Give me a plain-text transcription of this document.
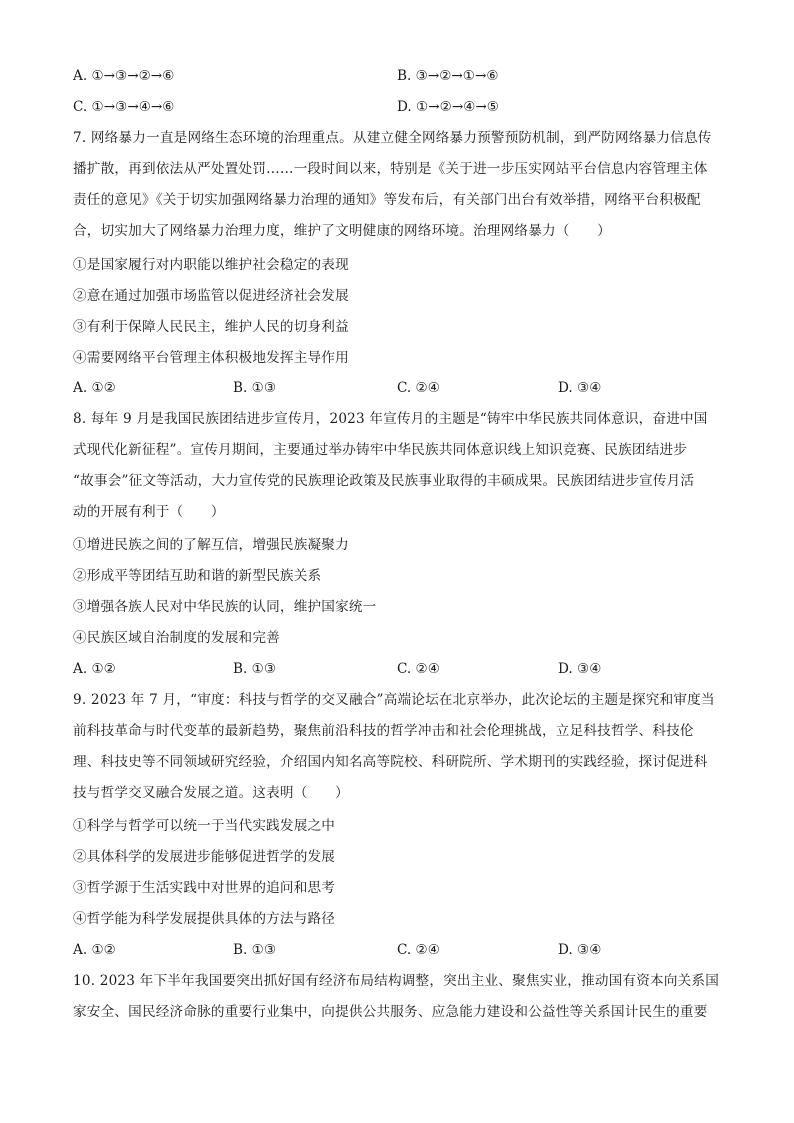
A. ①→③→②→⑥	B. ③→②→①→⑥
C. ①→③→④→⑥	D. ①→②→④→⑤
7. 网络暴力一直是网络生态环境的治理重点。从建立健全网络暴力预警预防机制，到严防网络暴力信息传
播扩散，再到依法从严处置处罚……一段时间以来，特别是《关于进一步压实网站平台信息内容管理主体
责任的意见》《关于切实加强网络暴力治理的通知》等发布后，有关部门出台有效举措，网络平台积极配
合，切实加大了网络暴力治理力度，维护了文明健康的网络环境。治理网络暴力（　　）
①是国家履行对内职能以维护社会稳定的表现
②意在通过加强市场监管以促进经济社会发展
③有利于保障人民民主，维护人民的切身利益
④需要网络平台管理主体积极地发挥主导作用
A. ①②	B. ①③	C. ②④	D. ③④
8. 每年 9 月是我国民族团结进步宣传月，2023 年宣传月的主题是“铸牢中华民族共同体意识，奋进中国
式现代化新征程”。宣传月期间，主要通过举办铸牢中华民族共同体意识线上知识竞赛、民族团结进步
“故事会”征文等活动，大力宣传党的民族理论政策及民族事业取得的丰硕成果。民族团结进步宣传月活
动的开展有利于（　　）
①增进民族之间的了解互信，增强民族凝聚力
②形成平等团结互助和谐的新型民族关系
③增强各族人民对中华民族的认同，维护国家统一
④民族区域自治制度的发展和完善
A. ①②	B. ①③	C. ②④	D. ③④
9. 2023 年 7 月，“审度：科技与哲学的交叉融合”高端论坛在北京举办，此次论坛的主题是探究和审度当
前科技革命与时代变革的最新趋势，聚焦前沿科技的哲学冲击和社会伦理挑战，立足科技哲学、科技伦
理、科技史等不同领域研究经验，介绍国内知名高等院校、科研院所、学术期刊的实践经验，探讨促进科
技与哲学交叉融合发展之道。这表明（　　）
①科学与哲学可以统一于当代实践发展之中
②具体科学的发展进步能够促进哲学的发展
③哲学源于生活实践中对世界的追问和思考
④哲学能为科学发展提供具体的方法与路径
A. ①②	B. ①③	C. ②④	D. ③④
10. 2023 年下半年我国要突出抓好国有经济布局结构调整，突出主业、聚焦实业，推动国有资本向关系国
家安全、国民经济命脉的重要行业集中，向提供公共服务、应急能力建设和公益性等关系国计民生的重要
